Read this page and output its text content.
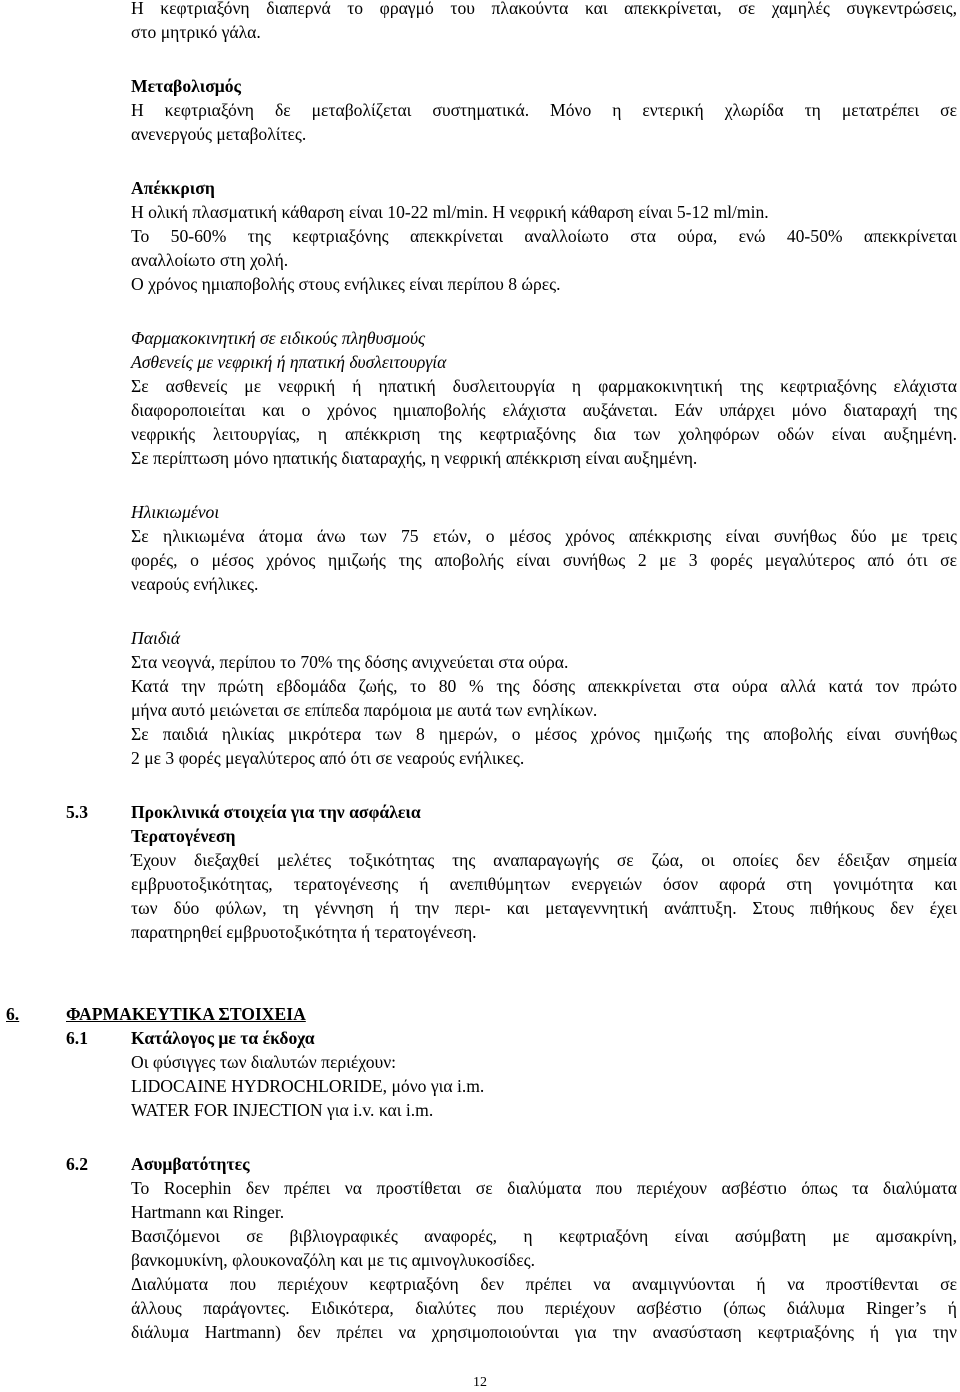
Η κεφτριαξόνη διαπερνά το φραγμό του πλακούντα και απεκκρίνεται, σε χαμηλές συγκεντρώσεις,

στο μητρικό γάλα.

Μεταβολισμός

Η κεφτριαξόνη δε μεταβολίζεται συστηματικά. Μόνο η εντερική χλωρίδα τη μετατρέπει σε

ανενεργούς μεταβολίτες.

Απέκκριση

Η ολική πλασματική κάθαρση είναι 10-22 ml/min. Η νεφρική κάθαρση είναι 5-12 ml/min.

Το 50-60% της κεφτριαξόνης απεκκρίνεται αναλλοίωτο στα ούρα, ενώ 40-50% απεκκρίνεται

αναλλοίωτο στη χολή.

Ο χρόνος ημιαποβολής στους ενήλικες είναι περίπου 8 ώρες.

Φαρμακοκινητική σε ειδικούς πληθυσμούς

Ασθενείς με νεφρική ή ηπατική δυσλειτουργία

Σε ασθενείς με νεφρική ή ηπατική δυσλειτουργία η φαρμακοκινητική της κεφτριαξόνης ελάχιστα

διαφοροποιείται και ο χρόνος ημιαποβολής ελάχιστα αυξάνεται. Εάν υπάρχει μόνο διαταραχή της

νεφρικής λειτουργίας, η απέκκριση της κεφτριαξόνης δια των χοληφόρων οδών είναι αυξημένη.

Σε περίπτωση μόνο ηπατικής διαταραχής, η νεφρική απέκκριση είναι αυξημένη.

Ηλικιωμένοι

Σε ηλικιωμένα άτομα άνω των 75 ετών, ο μέσος χρόνος απέκκρισης είναι συνήθως δύο με τρεις

φορές, ο μέσος χρόνος ημιζωής της αποβολής είναι συνήθως 2 με 3 φορές μεγαλύτερος από ότι σε

νεαρούς ενήλικες.

Παιδιά

Στα νεογνά, περίπου το 70% της δόσης ανιχνεύεται στα ούρα.

Κατά την πρώτη εβδομάδα ζωής, το 80 % της δόσης απεκκρίνεται στα ούρα αλλά κατά τον πρώτο

μήνα αυτό μειώνεται σε επίπεδα παρόμοια με αυτά των ενηλίκων.

Σε παιδιά ηλικίας μικρότερα των 8 ημερών, ο μέσος χρόνος ημιζωής της αποβολής είναι συνήθως

2 με 3 φορές μεγαλύτερος από ότι σε νεαρούς ενήλικες.

5.3 Προκλινικά στοιχεία για την ασφάλεια

Τερατογένεση

Έχουν διεξαχθεί μελέτες τοξικότητας της αναπαραγωγής σε ζώα, οι οποίες δεν έδειξαν σημεία

εμβρυοτοξικότητας, τερατογένεσης ή ανεπιθύμητων ενεργειών όσον αφορά στη γονιμότητα και

των δύο φύλων, τη γέννηση ή την περι- και μεταγεννητική ανάπτυξη. Στους πιθήκους δεν έχει

παρατηρηθεί εμβρυοτοξικότητα ή τερατογένεση.

6.	ΦΑΡΜΑΚΕΥΤΙΚΑ ΣΤΟΙΧΕΙΑ

6.1 Κατάλογος με τα έκδοχα

Οι φύσιγγες των διαλυτών περιέχουν:

LIDOCAINE HYDROCHLORIDE, μόνο για i.m.

WATER FOR INJECTION για i.v. και i.m.

6.2 Ασυμβατότητες

Το Rocephin δεν πρέπει να προστίθεται σε διαλύματα που περιέχουν ασβέστιο όπως τα διαλύματα

Hartmann και Ringer.

Βασιζόμενοι σε βιβλιογραφικές αναφορές, η κεφτριαξόνη είναι ασύμβατη με αμσακρίνη,

βανκομυκίνη, φλουκοναζόλη και με τις αμινογλυκοσίδες.

Διαλύματα που περιέχουν κεφτριαξόνη δεν πρέπει να αναμιγνύονται ή να προστίθενται σε

άλλους παράγοντες. Ειδικότερα, διαλύτες που περιέχουν ασβέστιο (όπως διάλυμα Ringer’s ή

διάλυμα Hartmann) δεν πρέπει να χρησιμοποιούνται για την ανασύσταση κεφτριαξόνης ή για την

12
